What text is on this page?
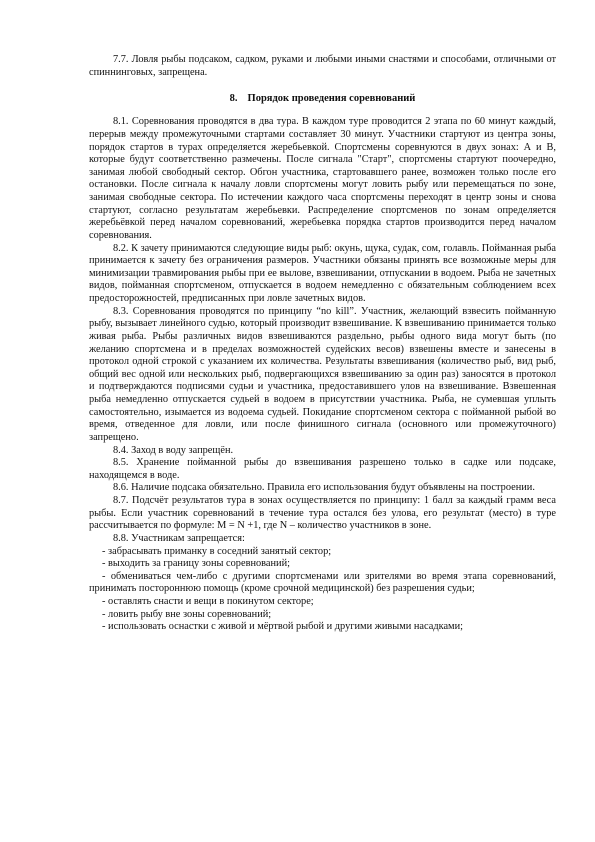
7.7. Ловля рыбы подсаком, садком, руками и любыми иными снастями и способами, отличными от спиннинговых, запрещена.

8. Порядок проведения соревнований

8.1. Соревнования проводятся в два тура. В каждом туре проводится 2 этапа по 60 минут каждый, перерыв между промежуточными стартами составляет 30 минут. Участники стартуют из центра зоны, порядок стартов в турах определяется жеребьевкой. Спортсмены соревнуются в двух зонах: А и В, которые будут соответственно размечены. После сигнала "Старт", спортсмены стартуют поочередно, занимая любой свободный сектор. Обгон участника, стартовавшего ранее, возможен только после его остановки. После сигнала к началу ловли спортсмены могут ловить рыбу или перемещаться по зоне, занимая свободные сектора. По истечении каждого часа спортсмены переходят в центр зоны и снова стартуют, согласно результатам жеребьевки. Распределение спортсменов по зонам определяется жеребьёвкой перед началом соревнований, жеребьевка порядка стартов производится перед началом соревнования.

8.2. К зачету принимаются следующие виды рыб: окунь, щука, судак, сом, голавль. Пойманная рыба принимается к зачету без ограничения размеров. Участники обязаны принять все возможные меры для минимизации травмирования рыбы при ее вылове, взвешивании, отпускании в водоем. Рыба не зачетных видов, пойманная спортсменом, отпускается в водоем немедленно с обязательным соблюдением всех предосторожностей, предписанных при ловле зачетных видов.

8.3. Соревнования проводятся по принципу “no kill”. Участник, желающий взвесить пойманную рыбу, вызывает линейного судью, который производит взвешивание. К взвешиванию принимается только живая рыба. Рыбы различных видов взвешиваются раздельно, рыбы одного вида могут быть (по желанию спортсмена и в пределах возможностей судейских весов) взвешены вместе и занесены в протокол одной строкой с указанием их количества. Результаты взвешивания (количество рыб, вид рыб, общий вес одной или нескольких рыб, подвергающихся взвешиванию за один раз) заносятся в протокол и подтверждаются подписями судьи и участника, предоставившего улов на взвешивание. Взвешенная рыба немедленно отпускается судьей в водоем в присутствии участника. Рыба, не сумевшая уплыть самостоятельно, изымается из водоема судьей. Покидание спортсменом сектора с пойманной рыбой во время, отведенное для ловли, или после финишного сигнала (основного или промежуточного) запрещено.

8.4. Заход в воду запрещён.

8.5. Хранение пойманной рыбы до взвешивания разрешено только в садке или подсаке, находящемся в воде.

8.6. Наличие подсака обязательно. Правила его использования будут объявлены на построении.

8.7. Подсчёт результатов тура в зонах осуществляется по принципу: 1 балл за каждый грамм веса рыбы. Если участник соревнований в течение тура остался без улова, его результат (место) в туре рассчитывается по формуле: М = N +1, где N – количество участников в зоне.

8.8. Участникам запрещается:

- забрасывать приманку в соседний занятый сектор;

- выходить за границу зоны соревнований;

- обмениваться чем-либо с другими спортсменами или зрителями во время этапа соревнований, принимать постороннюю помощь (кроме срочной медицинской) без разрешения судьи;

- оставлять снасти и вещи в покинутом секторе;

- ловить рыбу вне зоны соревнований;

- использовать оснастки с живой и мёртвой рыбой и другими живыми насадками;
